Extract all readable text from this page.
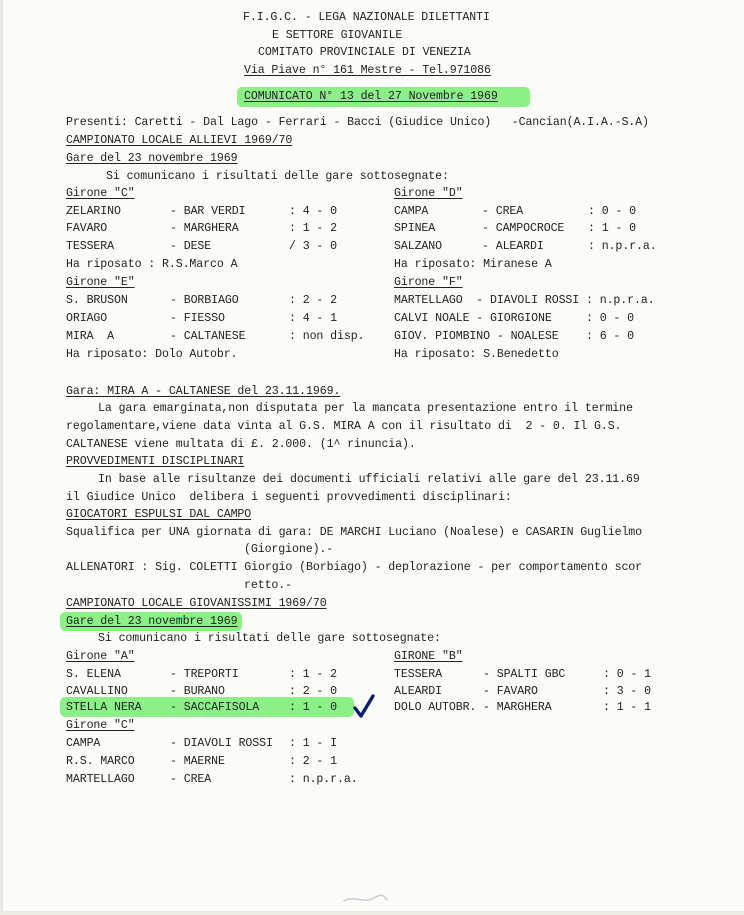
F.I.G.C. - LEGA NAZIONALE DILETTANTI
E SETTORE GIOVANILE
COMITATO PROVINCIALE DI VENEZIA
Via Piave n° 161 Mestre - Tel.971086
COMUNICATO N° 13 del 27 Novembre 1969
Presenti: Caretti - Dal Lago - Ferrari - Bacci (Giudice Unico)   -Cancian(A.I.A.-S.A)
CAMPIONATO LOCALE ALLIEVI 1969/70
Gare del 23 novembre 1969
Si comunicano i risultati delle gare sottosegnate:
Girone "C"
ZELARINO	- BAR VERDI	: 4 - 0
FAVARO	- MARGHERA	: 1 - 2
TESSERA	- DESE	/ 3 - 0
Ha riposato : R.S.Marco A
Girone "D"
CAMPA	- CREA	: 0 - 0
SPINEA	- CAMPOCROCE : 1 - 0
SALZANO	- ALEARDI	: n.p.r.a.
Ha riposato: Miranese A
Girone "E"
S. BRUSON	- BORBIAGO	: 2 - 2
ORIAGO	- FIESSO	: 4 - 1
MIRA  A	- CALTANESE	: non disp.
Ha riposato: Dolo Autobr.
Girone "F"
MARTELLAGO  - DIAVOLI ROSSI : n.p.r.a.
CALVI NOALE - GIORGIONE     : 0 - 0
GIOV. PIOMBINO - NOALESE    : 6 - 0
Ha riposato: S.Benedetto
Gara: MIRA A - CALTANESE del 23.11.1969.
La gara emarginata,non disputata per la mancata presentazione entro il termine
regolamentare,viene data vinta al G.S. MIRA A con il risultato di  2 - 0. Il G.S.
CALTANESE viene multata di £. 2.000. (1^ rinuncia).
PROVVEDIMENTI DISCIPLINARI
In base alle risultanze dei documenti ufficiali relativi alle gare del 23.11.69
il Giudice Unico  delibera i seguenti provvedimenti disciplinari:
GIOCATORI ESPULSI DAL CAMPO
Squalifica per UNA giornata di gara: DE MARCHI Luciano (Noalese) e CASARIN Guglielmo
(Giorgione).-
ALLENATORI : Sig. COLETTI Giorgio (Borbiago) - deplorazione - per comportamento scor
retto.-
CAMPIONATO LOCALE GIOVANISSIMI 1969/70
Gare del 23 novembre 1969
Si comunicano i risultati delle gare sottosegnate:
Girone "A"
S. ELENA	- TREPORTI	: 1 - 2
CAVALLINO	- BURANO	: 2 - 0
STELLA NERA - SACCAFISOLA	: 1 - 0
GIRONE "B"
TESSERA	- SPALTI GBC	: 0 - 1
ALEARDI	- FAVARO	: 3 - 0
DOLO AUTOBR. - MARGHERA	: 1 - 1
Girone "C"
CAMPA	- DIAVOLI ROSSI : 1 - I
R.S. MARCO	- MAERNE	: 2 - 1
MARTELLAGO	- CREA	: n.p.r.a.
